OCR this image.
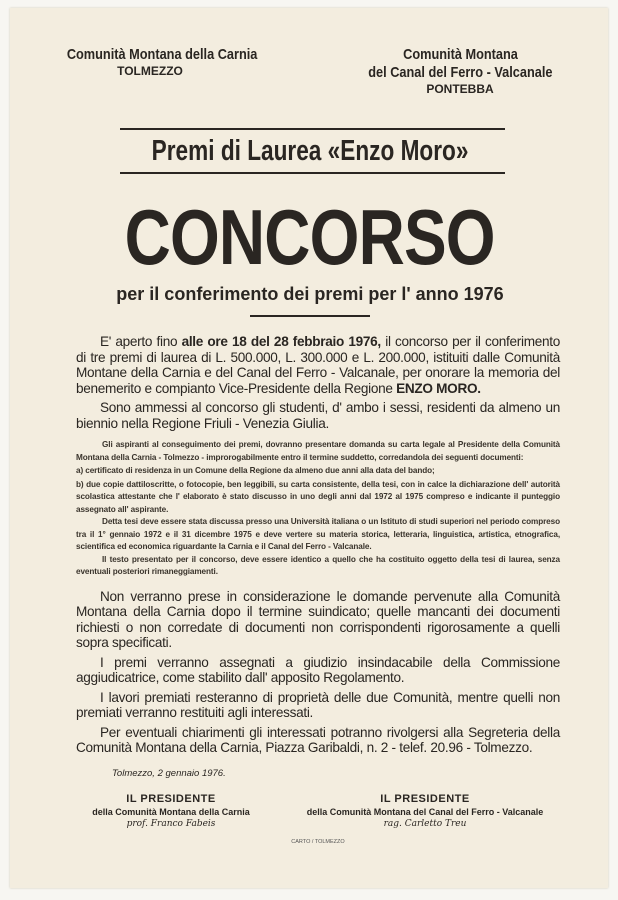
Comunità Montana della Carnia
TOLMEZZO
Comunità Montana
del Canal del Ferro - Valcanale
PONTEBBA
Premi di Laurea «Enzo Moro»
CONCORSO
per il conferimento dei premi per l' anno 1976

E' aperto fino alle ore 18 del 28 febbraio 1976, il concorso per il conferimento di tre premi di laurea di L. 500.000, L. 300.000 e L. 200.000, istituiti dalle Comunità Montane della Carnia e del Canal del Ferro - Valcanale, per onorare la memoria del benemerito e compianto Vice-Presidente della Regione ENZO MORO.

Sono ammessi al concorso gli studenti, d' ambo i sessi, residenti da almeno un biennio nella Regione Friuli - Venezia Giulia.

Gli aspiranti al conseguimento dei premi, dovranno presentare domanda su carta legale al Presidente della Comunità Montana della Carnia - Tolmezzo - improrogabilmente entro il termine suddetto, corredandola dei seguenti documenti:

a) certificato di residenza in un Comune della Regione da almeno due anni alla data del bando;

b) due copie dattiloscritte, o fotocopie, ben leggibili, su carta consistente, della tesi, con in calce la dichiarazione dell' autorità scolastica attestante che l' elaborato è stato discusso in uno degli anni dal 1972 al 1975 compreso e indicante il punteggio assegnato all' aspirante.

Detta tesi deve essere stata discussa presso una Università italiana o un Istituto di studi superiori nel periodo compreso tra il 1° gennaio 1972 e il 31 dicembre 1975 e deve vertere su materia storica, letteraria, linguistica, artistica, etnografica, scientifica ed economica riguardante la Carnia e il Canal del Ferro - Valcanale.

Il testo presentato per il concorso, deve essere identico a quello che ha costituito oggetto della tesi di laurea, senza eventuali posteriori rimaneggiamenti.

Non verranno prese in considerazione le domande pervenute alla Comunità Montana della Carnia dopo il termine suindicato; quelle mancanti dei documenti richiesti o non corredate di documenti non corrispondenti rigorosamente a quelli sopra specificati.

I premi verranno assegnati a giudizio insindacabile della Commissione aggiudicatrice, come stabilito dall' apposito Regolamento.

I lavori premiati resteranno di proprietà delle due Comunità, mentre quelli non premiati verranno restituiti agli interessati.

Per eventuali chiarimenti gli interessati potranno rivolgersi alla Segreteria della Comunità Montana della Carnia, Piazza Garibaldi, n. 2 - telef. 20.96 - Tolmezzo.

Tolmezzo, 2 gennaio 1976.
IL PRESIDENTE
della Comunità Montana della Carnia
prof. Franco Fabeis
IL PRESIDENTE
della Comunità Montana del Canal del Ferro - Valcanale
rag. Carletto Treu
CARTO / TOLMEZZO
